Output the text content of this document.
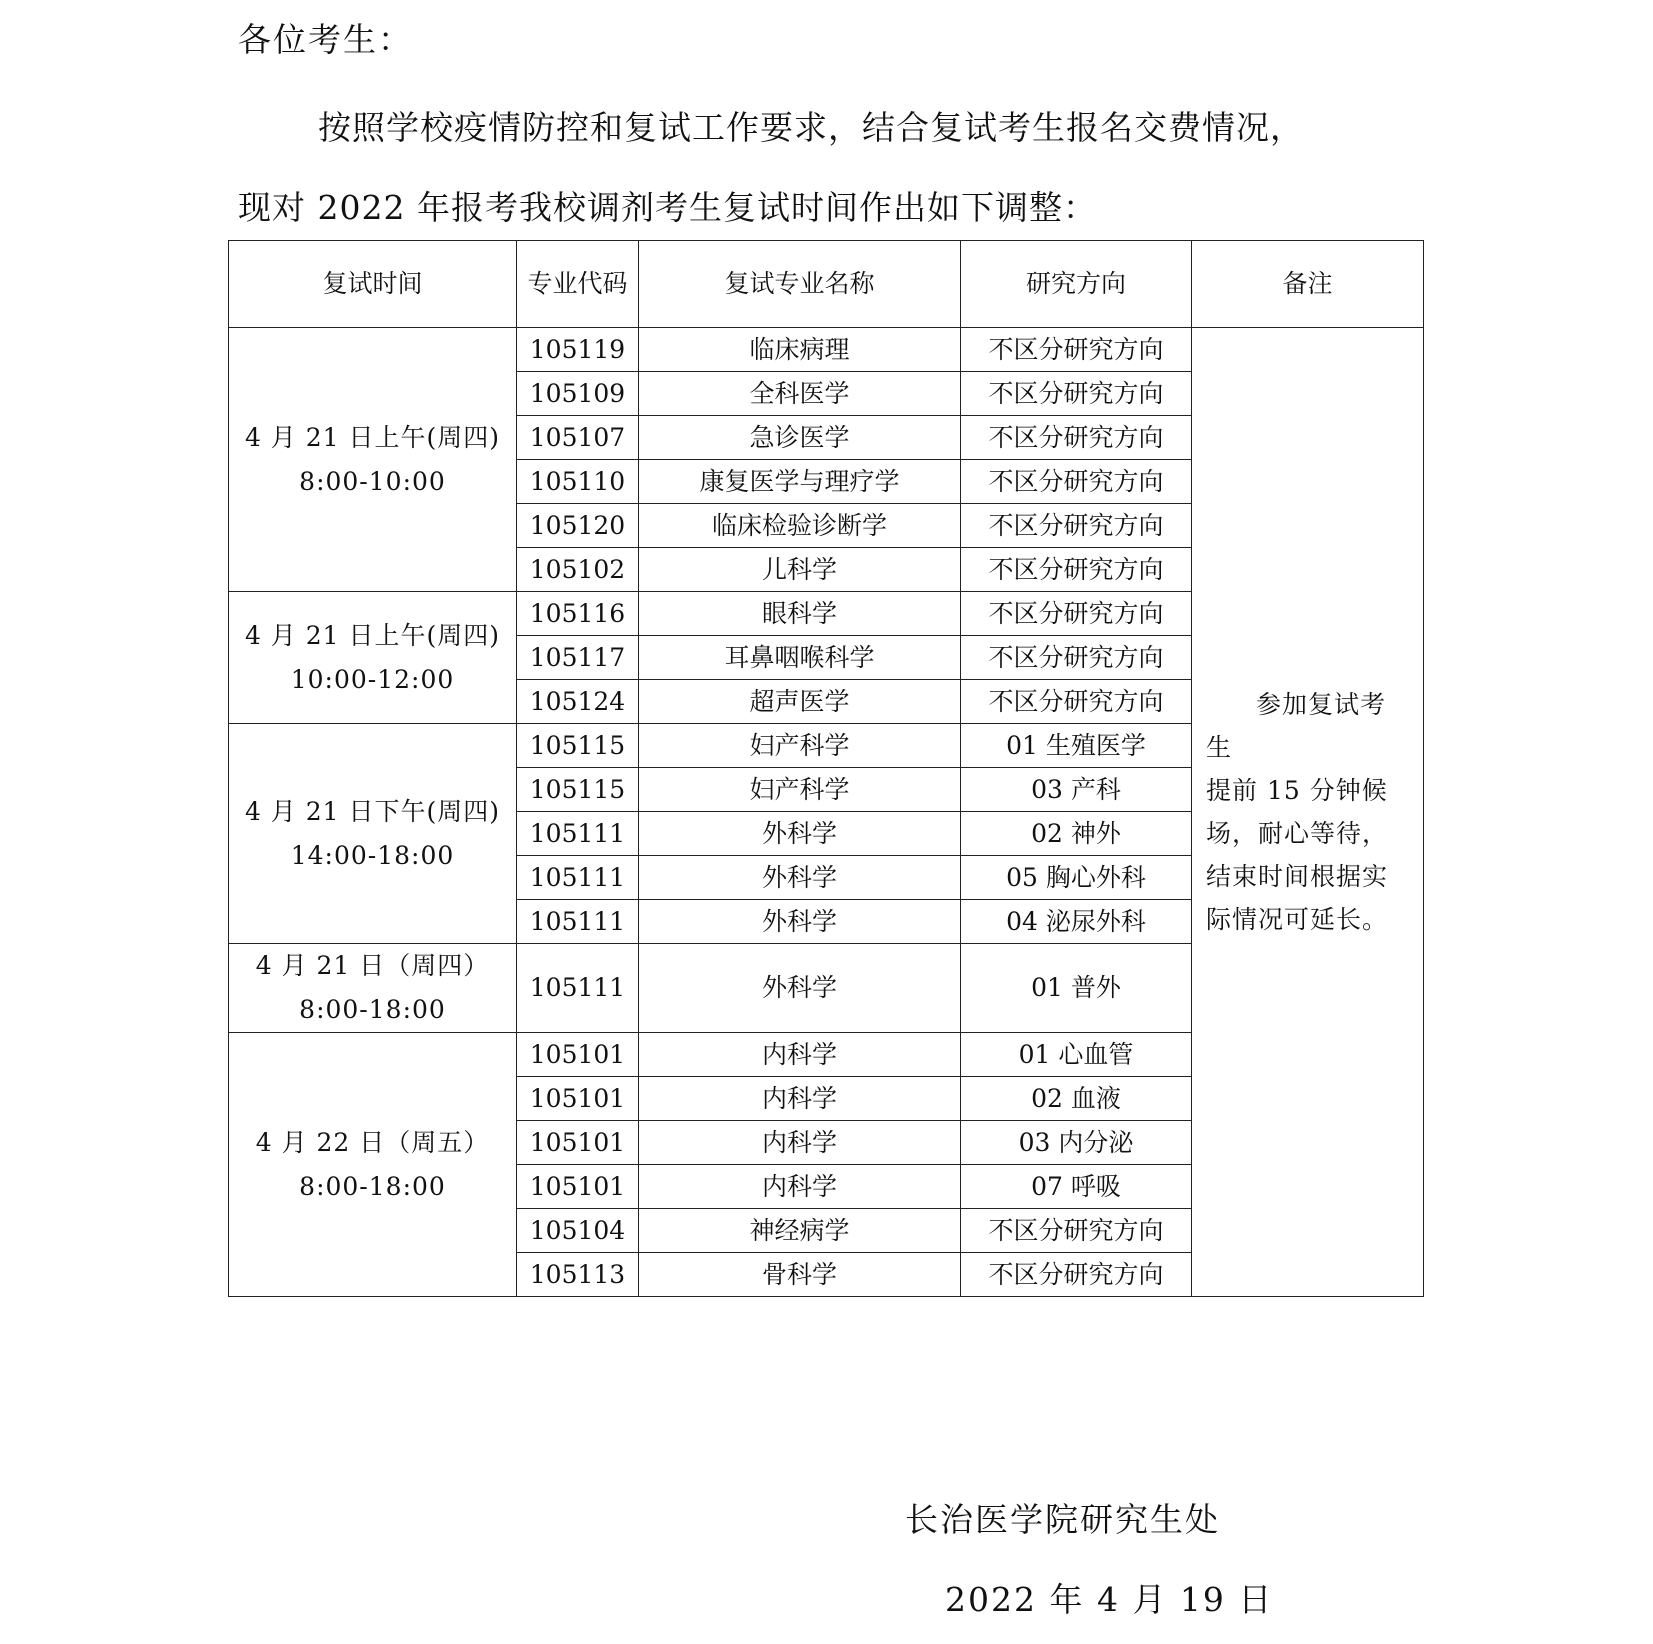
各位考生：
按照学校疫情防控和复试工作要求，结合复试考生报名交费情况，
现对 2022 年报考我校调剂考生复试时间作出如下调整：
复试时间	专业代码	复试专业名称	研究方向	备注

4 月 21 日上午(周四)
8:00-10:00	105119	临床病理	不区分研究方向	参加复试考生
提前 15 分钟候
场，耐心等待，
结束时间根据实
际情况可延长。

	105109	全科医学	不区分研究方向	
	105107	急诊医学	不区分研究方向	
	105110	康复医学与理疗学	不区分研究方向	
	105120	临床检验诊断学	不区分研究方向	
	105102	儿科学	不区分研究方向	

4 月 21 日上午(周四)
10:00-12:00	105116	眼科学	不区分研究方向	
	105117	耳鼻咽喉科学	不区分研究方向	
	105124	超声医学	不区分研究方向	

4 月 21 日下午(周四)
14:00-18:00	105115	妇产科学	01 生殖医学	
	105115	妇产科学	03 产科	
	105111	外科学	02 神外	
	105111	外科学	05 胸心外科	
	105111	外科学	04 泌尿外科	

4 月 21 日（周四）
8:00-18:00	105111	外科学	01 普外	

4 月 22 日（周五）
8:00-18:00	105101	内科学	01 心血管	
	105101	内科学	02 血液	
	105101	内科学	03 内分泌	
	105101	内科学	07 呼吸	
	105104	神经病学	不区分研究方向	
	105113	骨科学	不区分研究方向	
长治医学院研究生处
2022 年 4 月 19 日
